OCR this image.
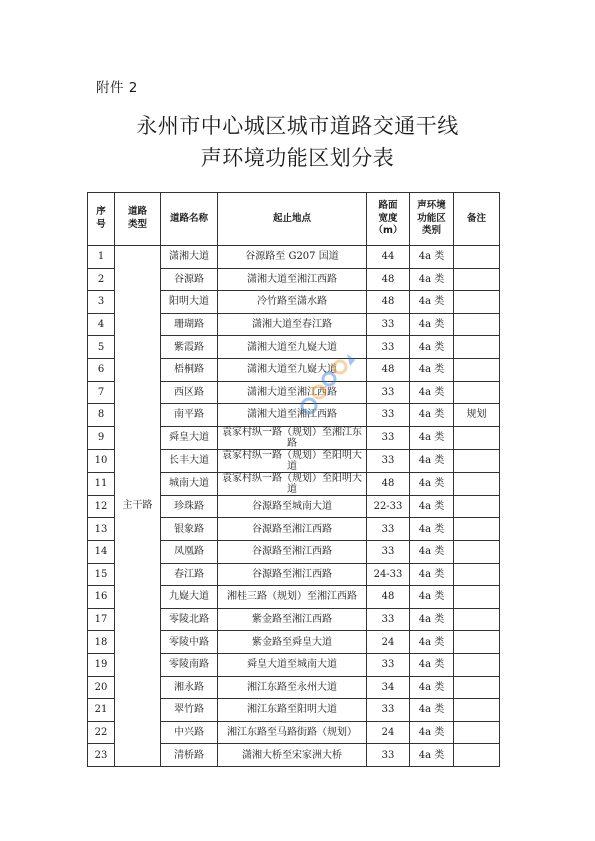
附件 2
永州市中心城区城市道路交通干线
声环境功能区划分表
序
号	道路
类型	道路名称	起止地点	路面
宽度
（m）	声环境
功能区
类别	备注

1	主干路	潇湘大道	谷源路至 G207 国道	44	4a 类	
2		谷源路	潇湘大道至湘江西路	48	4a 类	
3		阳明大道	冷竹路至潇水路	48	4a 类	
4		珊瑚路	潇湘大道至春江路	33	4a 类	
5		紫霞路	潇湘大道至九嶷大道	33	4a 类	
6		梧桐路	潇湘大道至九嶷大道	48	4a 类	
7		西区路	潇湘大道至湘江西路	33	4a 类	
8		南平路	潇湘大道至湘江西路	33	4a 类	规划
9		舜皇大道	袁家村纵一路（规划）至湘江东路	33	4a 类	
10		长丰大道	袁家村纵一路（规划）至阳明大道	33	4a 类	
11		城南大道	袁家村纵一路（规划）至阳明大道	48	4a 类	
12		珍珠路	谷源路至城南大道	22-33	4a 类	
13		银象路	谷源路至湘江西路	33	4a 类	
14		凤凰路	谷源路至湘江西路	33	4a 类	
15		春江路	谷源路至湘江西路	24-33	4a 类	
16		九嶷大道	湘桂三路（规划）至湘江西路	48	4a 类	
17		零陵北路	紫金路至湘江西路	33	4a 类	
18		零陵中路	紫金路至舜皇大道	24	4a 类	
19		零陵南路	舜皇大道至城南大道	33	4a 类	
20		湘永路	湘江东路至永州大道	34	4a 类	
21		翠竹路	湘江东路至阳明大道	33	4a 类	
22		中兴路	湘江东路至马路街路（规划）	24	4a 类	
23		清桥路	潇湘大桥至宋家洲大桥	33	4a 类	
